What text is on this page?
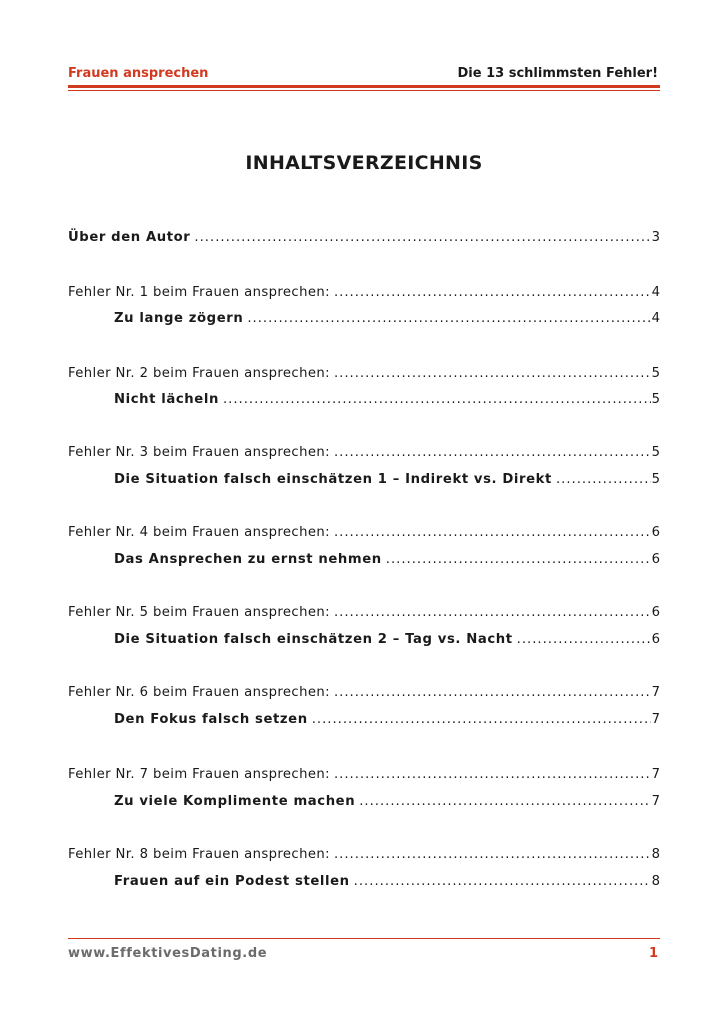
Frauen ansprechen	Die 13 schlimmsten Fehler!
INHALTSVERZEICHNIS
Über den Autor .....	3
Fehler Nr. 1 beim Frauen ansprechen: .....	4
Zu lange zögern .....	4
Fehler Nr. 2 beim Frauen ansprechen: .....	5
Nicht lächeln .....	5
Fehler Nr. 3 beim Frauen ansprechen: .....	5
Die Situation falsch einschätzen 1 – Indirekt vs. Direkt .....	5
Fehler Nr. 4 beim Frauen ansprechen: .....	6
Das Ansprechen zu ernst nehmen .....	6
Fehler Nr. 5 beim Frauen ansprechen: .....	6
Die Situation falsch einschätzen 2 – Tag vs. Nacht .....	6
Fehler Nr. 6 beim Frauen ansprechen: .....	7
Den Fokus falsch setzen .....	7
Fehler Nr. 7 beim Frauen ansprechen: .....	7
Zu viele Komplimente machen .....	7
Fehler Nr. 8 beim Frauen ansprechen: .....	8
Frauen auf ein Podest stellen .....	8
www.EffektivesDating.de	1
